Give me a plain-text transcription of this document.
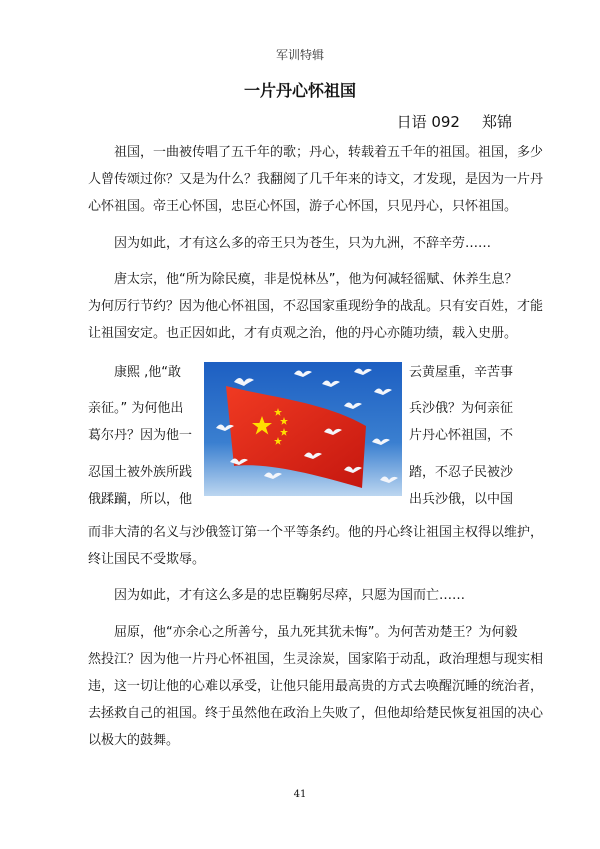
军训特辑
一片丹心怀祖国
日语 092 郑锦
　　祖国，一曲被传唱了五千年的歌；丹心，转载着五千年的祖国。祖国，多少
人曾传颂过你？又是为什么？我翻阅了几千年来的诗文，才发现，是因为一片丹
心怀祖国。帝王心怀国，忠臣心怀国，游子心怀国，只见丹心，只怀祖国。
　　因为如此，才有这么多的帝王只为苍生，只为九洲，不辞辛劳……
　　唐太宗，他“所为除民瘼，非是悦林丛”，他为何减轻徭赋、休养生息？
为何厉行节约？因为他心怀祖国，不忍国家重现纷争的战乱。只有安百姓，才能
让祖国安定。也正因如此，才有贞观之治，他的丹心亦随功绩，载入史册。
　　康熙 ,他“敢
亲征。” 为何他出
葛尔丹？因为他一
忍国土被外族所践
俄蹂躏，所以，他
云黄屋重，辛苦事
兵沙俄？为何亲征
片丹心怀祖国，不
踏，不忍子民被沙
出兵沙俄，以中国
而非大清的名义与沙俄签订第一个平等条约。他的丹心终让祖国主权得以维护，
终让国民不受欺辱。
　　因为如此，才有这么多是的忠臣鞠躬尽瘁，只愿为国而亡……
　　屈原，他“亦余心之所善兮，虽九死其犹未悔”。为何苦劝楚王？为何毅
然投江？因为他一片丹心怀祖国，生灵涂炭，国家陷于动乱，政治理想与现实相
违，这一切让他的心难以承受，让他只能用最高贵的方式去唤醒沉睡的统治者，
去拯救自己的祖国。终于虽然他在政治上失败了，但他却给楚民恢复祖国的决心
以极大的鼓舞。
41
